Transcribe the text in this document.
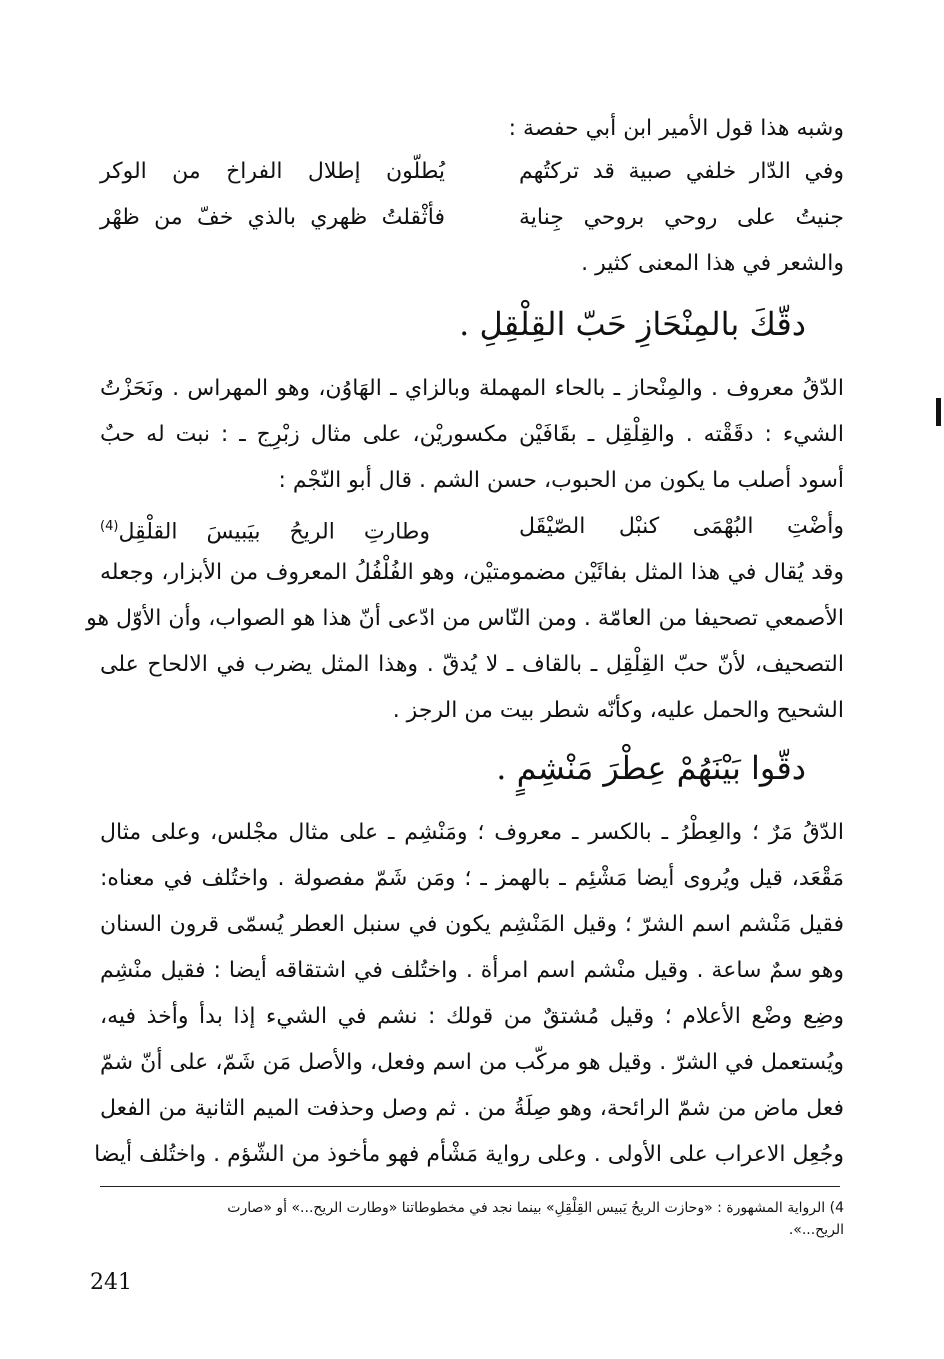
وشبه هذا قول الأمير ابن أبي حفصة :
وفي الدّار خلفي صبية قد تركتُهم
يُطلّون إطلال الفراخ من الوكر
جنيتُ على روحي بروحي جِناية
فأثْقلتُ ظهري بالذي خفّ من ظهْر
والشعر في هذا المعنى كثير .
دقّكَ بالمِنْحَازِ حَبّ القِلْقِلِ .
الدّقُ معروف . والمِنْحاز ـ بالحاء المهملة وبالزاي ـ الهَاوُن، وهو المهراس . ونَحَزْتُ
الشيء : دقَقْته . والقِلْقِل ـ بقَافَيْن مكسوريْن، على مثال زبْرِج ـ : نبت له حبٌ
أسود أصلب ما يكون من الحبوب، حسن الشم . قال أبو النّجْم :
وأضْتِ البُهْمَى كنبْل الصّيْقَل
وطارتِ الريحُ بيَبيسَ القلْقِل$^{(4)}$
وقد يُقال في هذا المثل بفائَيْن مضمومتيْن، وهو الفُلْفُلُ المعروف من الأبزار، وجعله
الأصمعي تصحيفا من العامّة . ومن النّاس من ادّعى أنّ هذا هو الصواب، وأن الأوّل هو
التصحيف، لأنّ حبّ القِلْقِل ـ بالقاف ـ لا يُدقّ . وهذا المثل يضرب في الالحاح على
الشحيح والحمل عليه، وكأنّه شطر بيت من الرجز .
دقّوا بَيْنَهُمْ عِطْرَ مَنْشِمٍ .
الدّقُ مَرٌ ؛ والعِطْرُ ـ بالكسر ـ معروف ؛ ومَنْشِم ـ على مثال مجْلس، وعلى مثال
مَقْعَد، قيل ويُروى أيضا مَشْئِم ـ بالهمز ـ ؛ ومَن شَمّ مفصولة . واختُلف في معناه:
فقيل مَنْشم اسم الشرّ ؛ وقيل المَنْشِم يكون في سنبل العطر يُسمّى قرون السنان
وهو سمٌ ساعة . وقيل منْشم اسم امرأة . واختُلف في اشتقاقه أيضا : فقيل منْشِم
وضِع وضْع الأعلام ؛ وقيل مُشتقٌ من قولك : نشم في الشيء إذا بدأ وأخذ فيه،
ويُستعمل في الشرّ . وقيل هو مركّب من اسم وفعل، والأصل مَن شَمّ، على أنّ شمّ
فعل ماض من شمّ الرائحة، وهو صِلَةُ من . ثم وصل وحذفت الميم الثانية من الفعل
وجُعِل الاعراب على الأولى . وعلى رواية مَشْأم فهو مأخوذ من الشّؤم . واختُلف أيضا
4) الرواية المشهورة : «وحازت الريحُ يَبيس القِلْقِلِ» بينما نجد في مخطوطاتنا «وطارت الريح...» أو «صارت
الريح...».
241
